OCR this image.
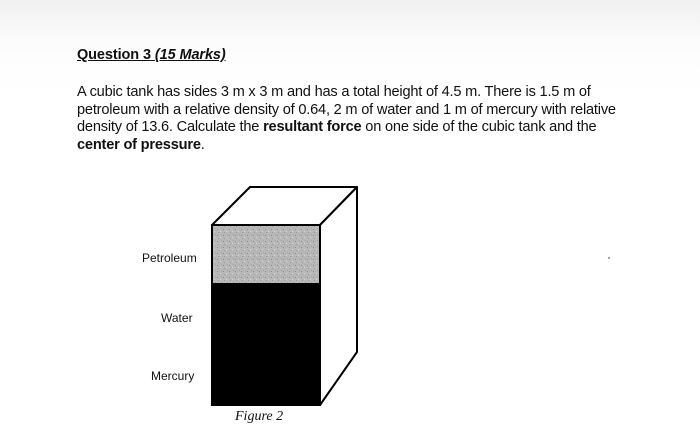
Question 3 (15 Marks)

A cubic tank has sides 3 m x 3 m and has a total height of 4.5 m. There is 1.5 m of petroleum with a relative density of 0.64, 2 m of water and 1 m of mercury with relative density of 13.6. Calculate the resultant force on one side of the cubic tank and the center of pressure.

Petroleum
Water
Mercury
Figure 2
